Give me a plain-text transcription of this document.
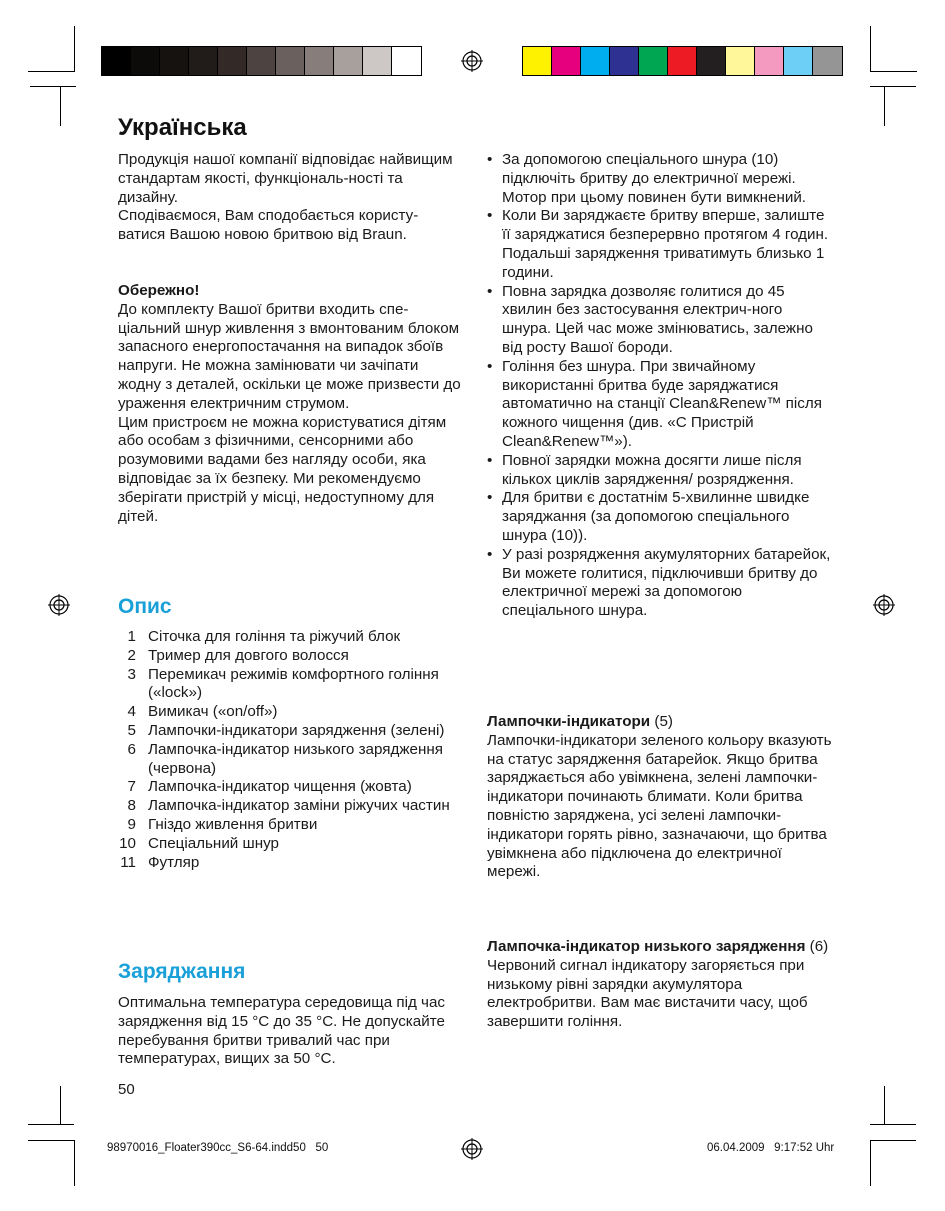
Українська

Продукція нашої компанії відповідає найвищим стандартам якості, функціональ-ності та дизайну.

Сподіваємося, Вам сподобається користу-ватися Вашою новою бритвою від Braun.

Обережно!

До комплекту Вашої бритви входить спе-ціальний шнур живлення з вмонтованим блоком запасного енергопостачання на випадок збоїв напруги. Не можна замінювати чи зачіпати жодну з деталей, оскільки це може призвести до ураження електричним струмом.

Цим пристроєм не можна користуватися дітям або особам з фізичними, сенсорними або розумовими вадами без нагляду особи, яка відповідає за їх безпеку. Ми рекомендуємо зберігати пристрій у місці, недоступному для дітей.

Опис
1 Сіточка для гоління та ріжучий блок
2 Тример для довгого волосся
3 Перемикач режимів комфортного гоління («lock»)
4 Вимикач («on/off»)
5 Лампочки-індикатори зарядження (зелені)
6 Лампочка-індикатор низького зарядження (червона)
7 Лампочка-індикатор чищення (жовта)
8 Лампочка-індикатор заміни ріжучих частин
9 Гніздо живлення бритви
10 Спеціальний шнур
11 Футляр
Заряджання

Оптимальна температура середовища під час зарядження від 15 °С до 35 °С. Не допускайте перебування бритви тривалий час при температурах, вищих за 50 °С.

50
• За допомогою спеціального шнура (10) підключіть бритву до електричної мережі. Мотор при цьому повинен бути вимкнений.
• Коли Ви заряджаєте бритву вперше, залиште її заряджатися безперервно протягом 4 годин. Подальші зарядження триватимуть близько 1 години.
• Повна зарядка дозволяє голитися до 45 хвилин без застосування електрич-ного шнура. Цей час може змінюватись, залежно від росту Вашої бороди.
• Гоління без шнура. При звичайному використанні бритва буде заряджатися автоматично на станції Clean&Renew™ після кожного чищення (див. «С Пристрій Clean&Renew™»).
• Повної зарядки можна досягти лише після кількох циклів зарядження/ розрядження.
• Для бритви є достатнім 5-хвилинне швидке заряджання (за допомогою спеціального шнура (10)).
• У разі розрядження акумуляторних батарейок, Ви можете голитися, підключивши бритву до електричної мережі за допомогою спеціального шнура.

Лампочки-індикатори (5)

Лампочки-індикатори зеленого кольору вказують на статус зарядження батарейок. Якщо бритва заряджається або увімкнена, зелені лампочки-індикатори починають блимати. Коли бритва повністю заряджена, усі зелені лампочки-індикатори горять рівно, зазначаючи, що бритва увімкнена або підключена до електричної мережі.

Лампочка-індикатор низького зарядження (6)

Червоний сигнал індикатору загоряється при низькому рівні зарядки акумулятора електробритви. Вам має вистачити часу, щоб завершити гоління.

98970016_Floater390cc_S6-64.indd50   50	06.04.2009   9:17:52 Uhr
